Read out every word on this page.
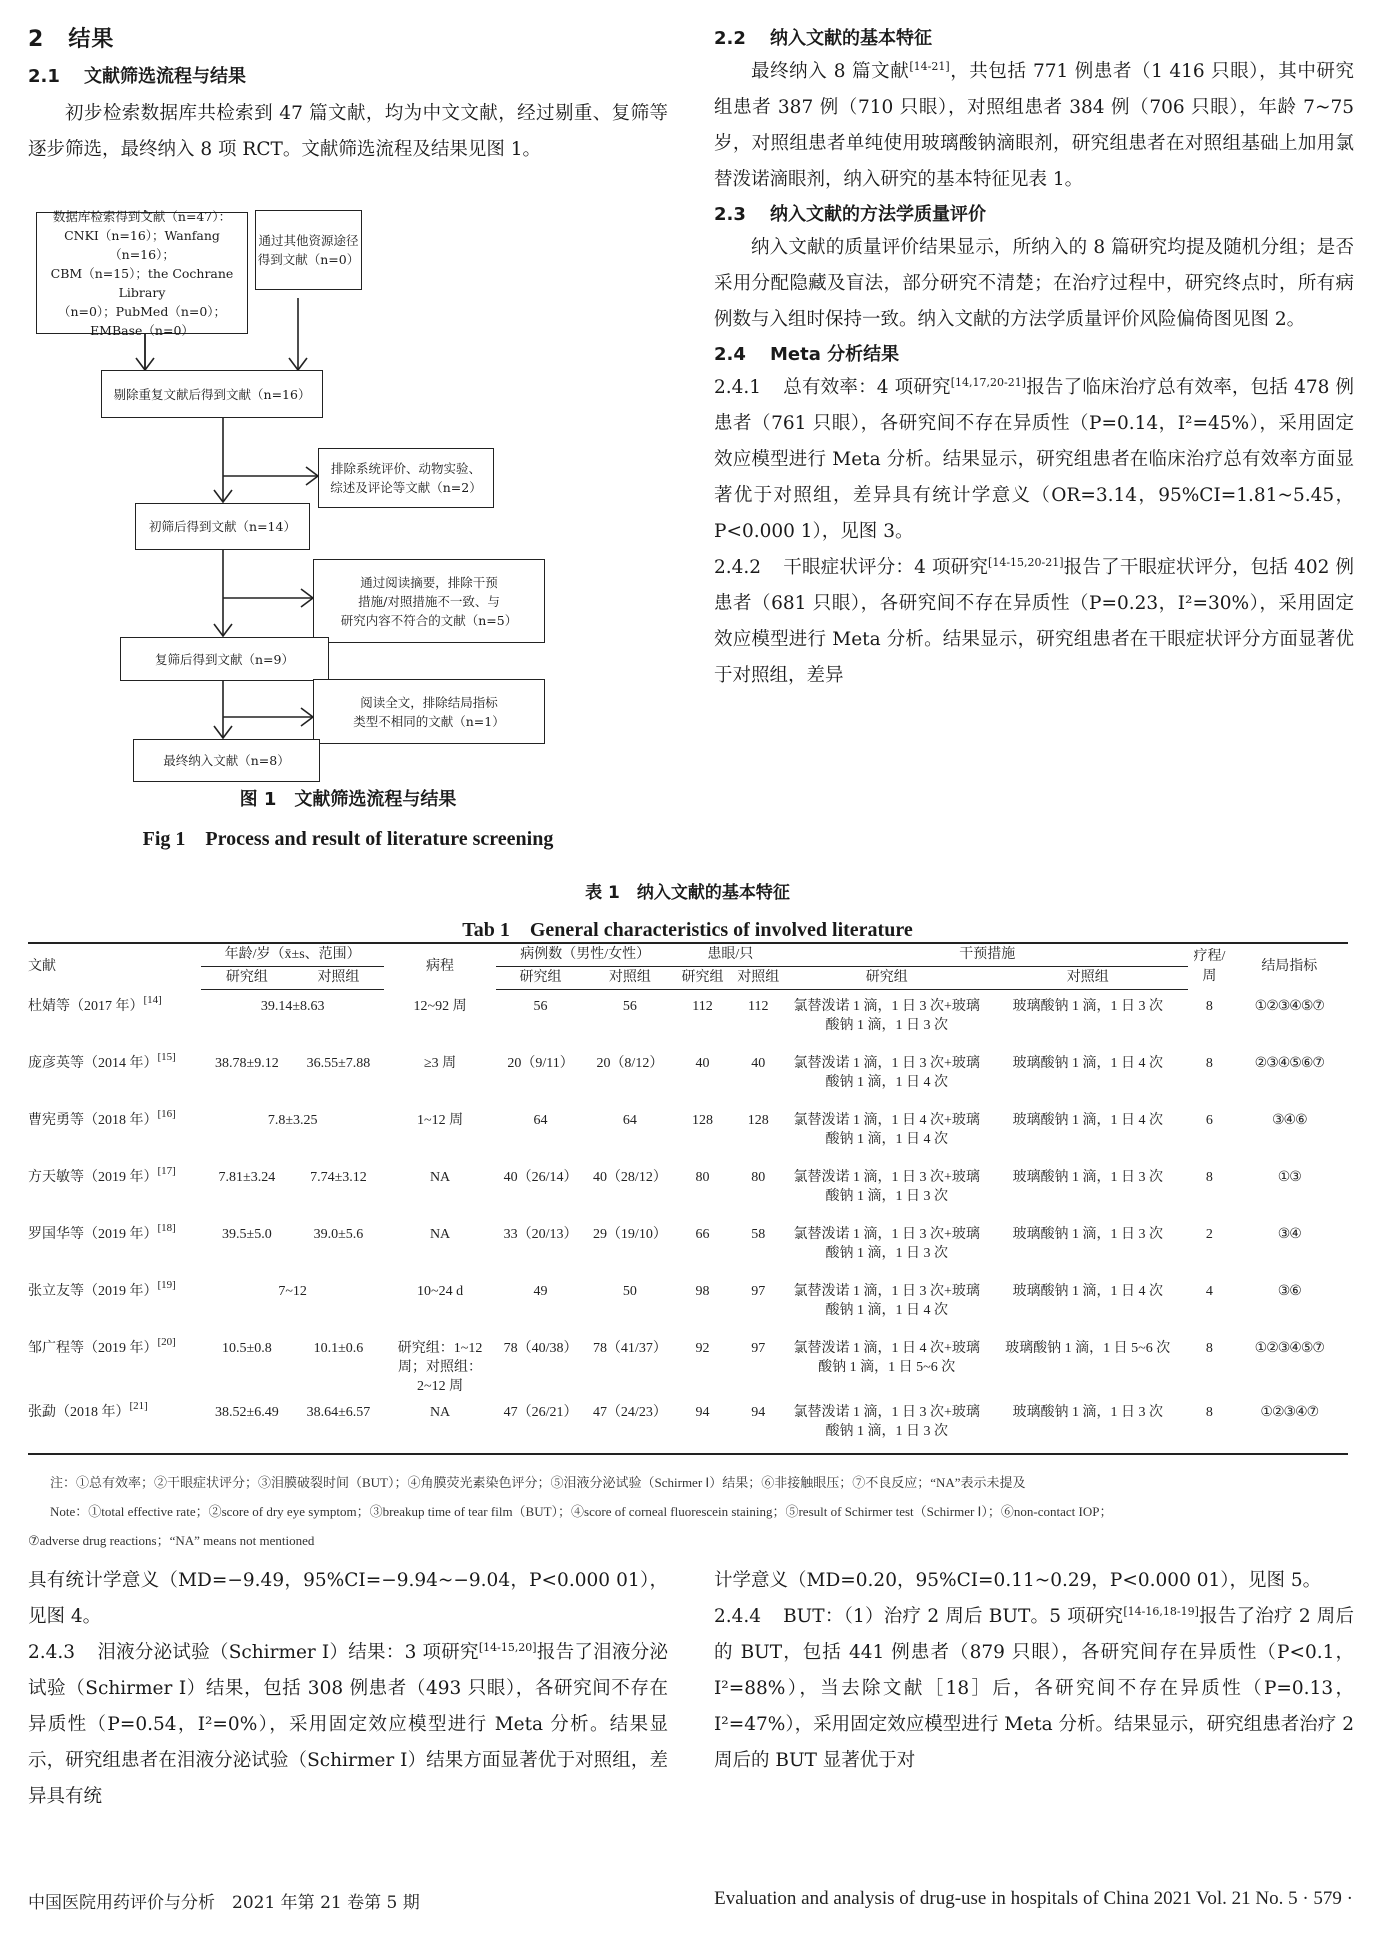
2 结果
2.1 文献筛选流程与结果

初步检索数据库共检索到 47 篇文献，均为中文文献，经过剔重、复筛等逐步筛选，最终纳入 8 项 RCT。文献筛选流程及结果见图 1。

数据库检索得到文献（n=47）：
CNKI（n=16）；Wanfang（n=16）；
CBM（n=15）；the Cochrane Library
（n=0）；PubMed（n=0）；
EMBase（n=0）
通过其他资源途径
得到文献（n=0）
剔除重复文献后得到文献（n=16）
排除系统评价、动物实验、
综述及评论等文献（n=2）
初筛后得到文献（n=14）
通过阅读摘要，排除干预
措施/对照措施不一致、与
研究内容不符合的文献（n=5）
复筛后得到文献（n=9）
阅读全文，排除结局指标
类型不相同的文献（n=1）
最终纳入文献（n=8）
图 1　文献筛选流程与结果
Fig 1　Process and result of literature screening
2.2 纳入文献的基本特征

最终纳入 8 篇文献[14-21]，共包括 771 例患者（1 416 只眼），其中研究组患者 387 例（710 只眼），对照组患者 384 例（706 只眼），年龄 7~75 岁，对照组患者单纯使用玻璃酸钠滴眼剂，研究组患者在对照组基础上加用氯替泼诺滴眼剂，纳入研究的基本特征见表 1。

2.3 纳入文献的方法学质量评价

纳入文献的质量评价结果显示，所纳入的 8 篇研究均提及随机分组；是否采用分配隐藏及盲法，部分研究不清楚；在治疗过程中，研究终点时，所有病例数与入组时保持一致。纳入文献的方法学质量评价风险偏倚图见图 2。

2.4 Meta 分析结果

2.4.1 总有效率：4 项研究[14,17,20-21]报告了临床治疗总有效率，包括 478 例患者（761 只眼），各研究间不存在异质性（P=0.14，I²=45%），采用固定效应模型进行 Meta 分析。结果显示，研究组患者在临床治疗总有效率方面显著优于对照组，差异具有统计学意义（OR=3.14，95%CI=1.81~5.45，P<0.000 1），见图 3。

2.4.2 干眼症状评分：4 项研究[14-15,20-21]报告了干眼症状评分，包括 402 例患者（681 只眼），各研究间不存在异质性（P=0.23，I²=30%），采用固定效应模型进行 Meta 分析。结果显示，研究组患者在干眼症状评分方面显著优于对照组，差异

表 1　纳入文献的基本特征
Tab 1　General characteristics of involved literature
文献	年龄/岁（x̄±s、范围）		病程	病例数（男性/女性）		患眼/只		干预措施		疗程/周	结局指标
	研究组	对照组		研究组	对照组	研究组	对照组	研究组	对照组		
杜婧等（2017 年）[14]	39.14±8.63		12~92 周	56	56	112	112	氯替泼诺 1 滴，1 日 3 次+玻璃酸钠 1 滴，1 日 3 次	玻璃酸钠 1 滴，1 日 3 次	8	①②③④⑤⑦
庞彦英等（2014 年）[15]	38.78±9.12	36.55±7.88	≥3 周	20（9/11）	20（8/12）	40	40	氯替泼诺 1 滴，1 日 3 次+玻璃酸钠 1 滴，1 日 4 次	玻璃酸钠 1 滴，1 日 4 次	8	②③④⑤⑥⑦
曹宪勇等（2018 年）[16]	7.8±3.25		1~12 周	64	64	128	128	氯替泼诺 1 滴，1 日 4 次+玻璃酸钠 1 滴，1 日 4 次	玻璃酸钠 1 滴，1 日 4 次	6	③④⑥
方天敏等（2019 年）[17]	7.81±3.24	7.74±3.12	NA	40（26/14）	40（28/12）	80	80	氯替泼诺 1 滴，1 日 3 次+玻璃酸钠 1 滴，1 日 3 次	玻璃酸钠 1 滴，1 日 3 次	8	①③
罗国华等（2019 年）[18]	39.5±5.0	39.0±5.6	NA	33（20/13）	29（19/10）	66	58	氯替泼诺 1 滴，1 日 3 次+玻璃酸钠 1 滴，1 日 3 次	玻璃酸钠 1 滴，1 日 3 次	2	③④
张立友等（2019 年）[19]	7~12		10~24 d	49	50	98	97	氯替泼诺 1 滴，1 日 3 次+玻璃酸钠 1 滴，1 日 4 次	玻璃酸钠 1 滴，1 日 4 次	4	③⑥
邹广程等（2019 年）[20]	10.5±0.8	10.1±0.6	研究组：1~12 周；对照组：2~12 周	78（40/38）	78（41/37）	92	97	氯替泼诺 1 滴，1 日 4 次+玻璃酸钠 1 滴，1 日 5~6 次	玻璃酸钠 1 滴，1 日 5~6 次	8	①②③④⑤⑦
张勐（2018 年）[21]	38.52±6.49	38.64±6.57	NA	47（26/21）	47（24/23）	94	94	氯替泼诺 1 滴，1 日 3 次+玻璃酸钠 1 滴，1 日 3 次	玻璃酸钠 1 滴，1 日 3 次	8	①②③④⑦
注：①总有效率；②干眼症状评分；③泪膜破裂时间（BUT）；④角膜荧光素染色评分；⑤泪液分泌试验（Schirmer Ⅰ）结果；⑥非接触眼压；⑦不良反应；“NA”表示未提及
Note：①total effective rate；②score of dry eye symptom；③breakup time of tear film（BUT）；④score of corneal fluorescein staining；⑤result of Schirmer test（Schirmer Ⅰ）；⑥non-contact IOP；
⑦adverse drug reactions；“NA” means not mentioned

具有统计学意义（MD=−9.49，95%CI=−9.94~−9.04，P<0.000 01），见图 4。

2.4.3 泪液分泌试验（Schirmer Ⅰ）结果：3 项研究[14-15,20]报告了泪液分泌试验（Schirmer Ⅰ）结果，包括 308 例患者（493 只眼），各研究间不存在异质性（P=0.54，I²=0%），采用固定效应模型进行 Meta 分析。结果显示，研究组患者在泪液分泌试验（Schirmer Ⅰ）结果方面显著优于对照组，差异具有统

计学意义（MD=0.20，95%CI=0.11~0.29，P<0.000 01），见图 5。

2.4.4 BUT：（1）治疗 2 周后 BUT。5 项研究[14-16,18-19]报告了治疗 2 周后的 BUT，包括 441 例患者（879 只眼），各研究间存在异质性（P<0.1，I²=88%），当去除文献［18］后，各研究间不存在异质性（P=0.13，I²=47%），采用固定效应模型进行 Meta 分析。结果显示，研究组患者治疗 2 周后的 BUT 显著优于对

中国医院用药评价与分析　2021 年第 21 卷第 5 期	Evaluation and analysis of drug-use in hospitals of China 2021 Vol. 21 No. 5 · 579 ·
